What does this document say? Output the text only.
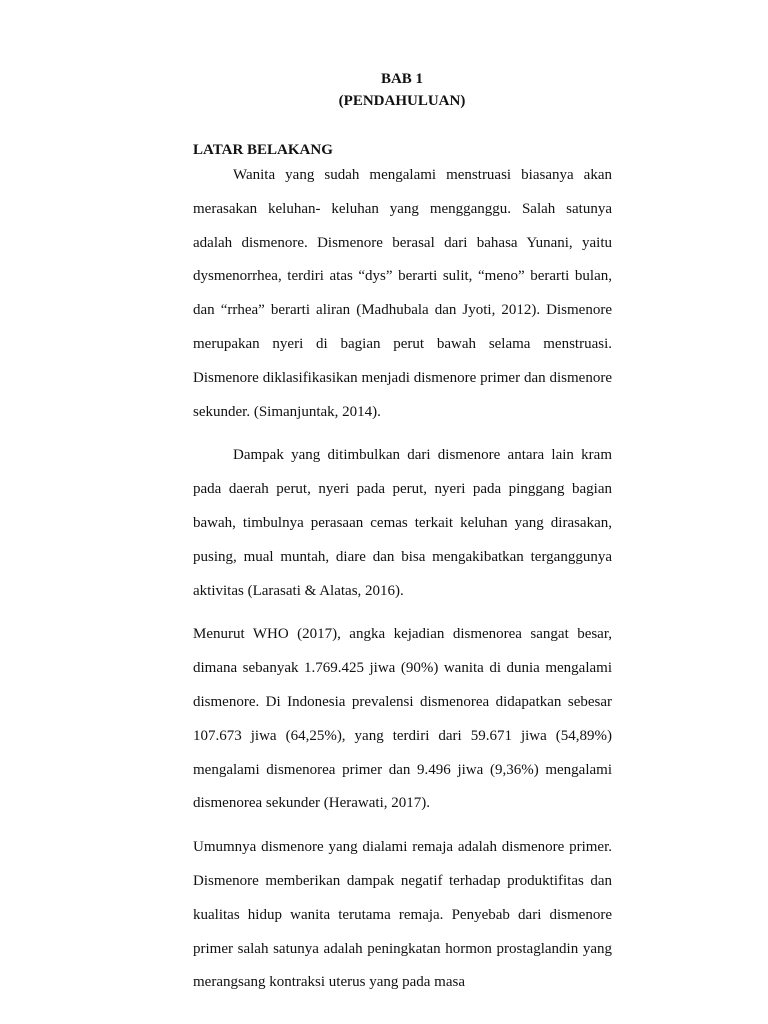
BAB 1
(PENDAHULUAN)

LATAR BELAKANG

Wanita yang sudah mengalami menstruasi biasanya akan merasakan keluhan- keluhan yang mengganggu. Salah satunya adalah dismenore. Dismenore berasal dari bahasa Yunani, yaitu dysmenorrhea, terdiri atas “dys” berarti sulit, “meno” berarti bulan, dan “rrhea” berarti aliran (Madhubala dan Jyoti, 2012). Dismenore merupakan nyeri di bagian perut bawah selama menstruasi. Dismenore diklasifikasikan menjadi dismenore primer dan dismenore sekunder. (Simanjuntak, 2014).

Dampak yang ditimbulkan dari dismenore antara lain kram pada daerah perut, nyeri pada perut, nyeri pada pinggang bagian bawah, timbulnya perasaan cemas terkait keluhan yang dirasakan, pusing, mual muntah, diare dan bisa mengakibatkan terganggunya aktivitas (Larasati & Alatas, 2016).

Menurut WHO (2017), angka kejadian dismenorea sangat besar, dimana sebanyak 1.769.425 jiwa (90%) wanita di dunia mengalami dismenore. Di Indonesia prevalensi dismenorea didapatkan sebesar 107.673 jiwa (64,25%), yang terdiri dari 59.671 jiwa (54,89%) mengalami dismenorea primer dan 9.496 jiwa (9,36%) mengalami dismenorea sekunder (Herawati, 2017).

Umumnya dismenore yang dialami remaja adalah dismenore primer. Dismenore memberikan dampak negatif terhadap produktifitas dan kualitas hidup wanita terutama remaja. Penyebab dari dismenore primer salah satunya adalah peningkatan hormon prostaglandin yang merangsang kontraksi uterus yang pada masa
